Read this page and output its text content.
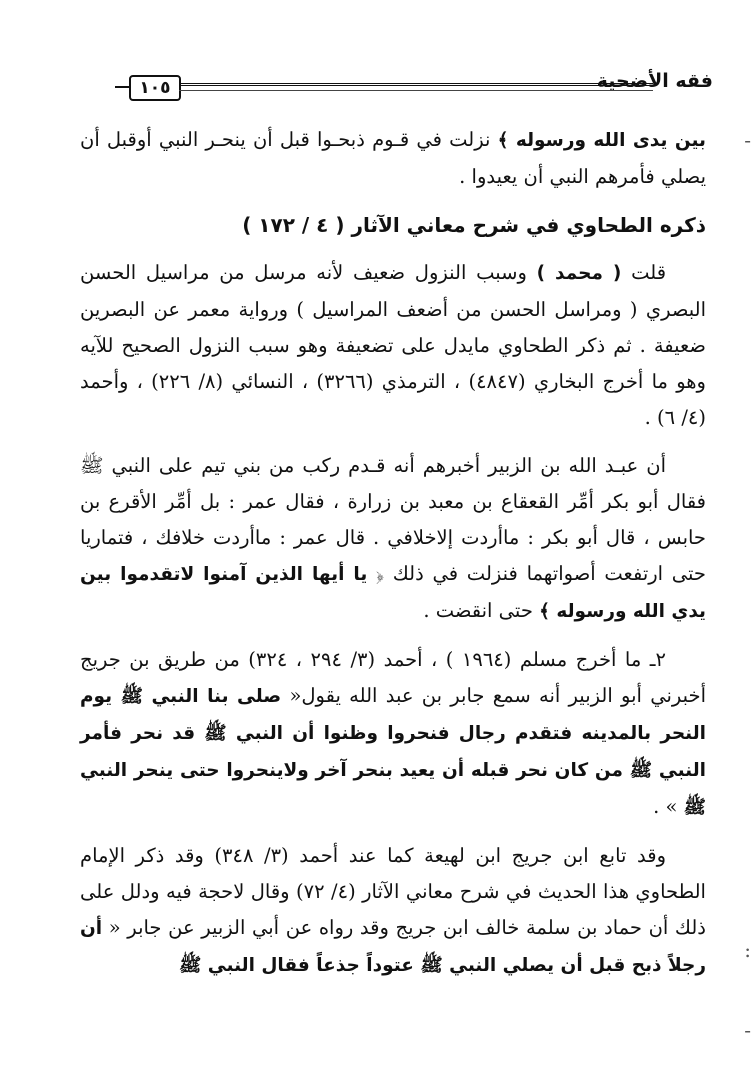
١٠٥	فقه الأضحية

بين يدى الله ورسوله ﴾ نزلت في قـوم ذبحـوا قبل أن ينحـر النبي أوقبل أن يصلي فأمرهم النبي أن يعيدوا .

ذكره الطحاوي في شرح معاني الآثار ( ٤ / ١٧٢ )

قلت ( محمد ) وسبب النزول ضعيف لأنه مرسل من مراسيل الحسن البصري ( ومراسل الحسن من أضعف المراسيل ) ورواية معمر عن البصرين ضعيفة . ثم ذكر الطحاوي مايدل على تضعيفة وهو سبب النزول الصحيح للآيه وهو ما أخرج البخاري (٤٨٤٧) ، الترمذي (٣٢٦٦) ، النسائي (٨/ ٢٢٦) ، وأحمد (٤/ ٦) .

أن عبـد الله بن الزبير أخبرهم أنه قـدم ركب من بني تيم على النبي ﷺ فقال أبو بكر أمِّر القعقاع بن معبد بن زرارة ، فقال عمر : بل أمِّر الأقرع بن حابس ، قال أبو بكر : ماأردت إلاخلافي . قال عمر : ماأردت خلافك ، فتماريا حتى ارتفعت أصواتهما فنزلت في ذلك ﴿ يا أيها الذين آمنوا لاتقدموا بين يدي الله ورسوله ﴾ حتى انقضت .

٢ـ ما أخرج مسلم (١٩٦٤ ) ، أحمد (٣/ ٢٩٤ ، ٣٢٤) من طريق بن جريج أخبرني أبو الزبير أنه سمع جابر بن عبد الله يقول« صلى بنا النبي ﷺ يوم النحر بالمدينه فتقدم رجال فنحروا وظنوا أن النبي ﷺ قد نحر فأمر النبي ﷺ من كان نحر قبله أن يعيد بنحر آخر ولاينحروا حتى ينحر النبي ﷺ » .

وقد تابع ابن جريج ابن لهيعة كما عند أحمد (٣/ ٣٤٨) وقد ذكر الإمام الطحاوي هذا الحديث في شرح معاني الآثار (٤/ ٧٢) وقال لاحجة فيه ودلل على ذلك أن حماد بن سلمة خالف ابن جريج وقد رواه عن أبي الزبير عن جابر « أن رجلاً ذبح قبل أن يصلي النبي ﷺ عتوداً جذعاً فقال النبي ﷺ

-
:
-
